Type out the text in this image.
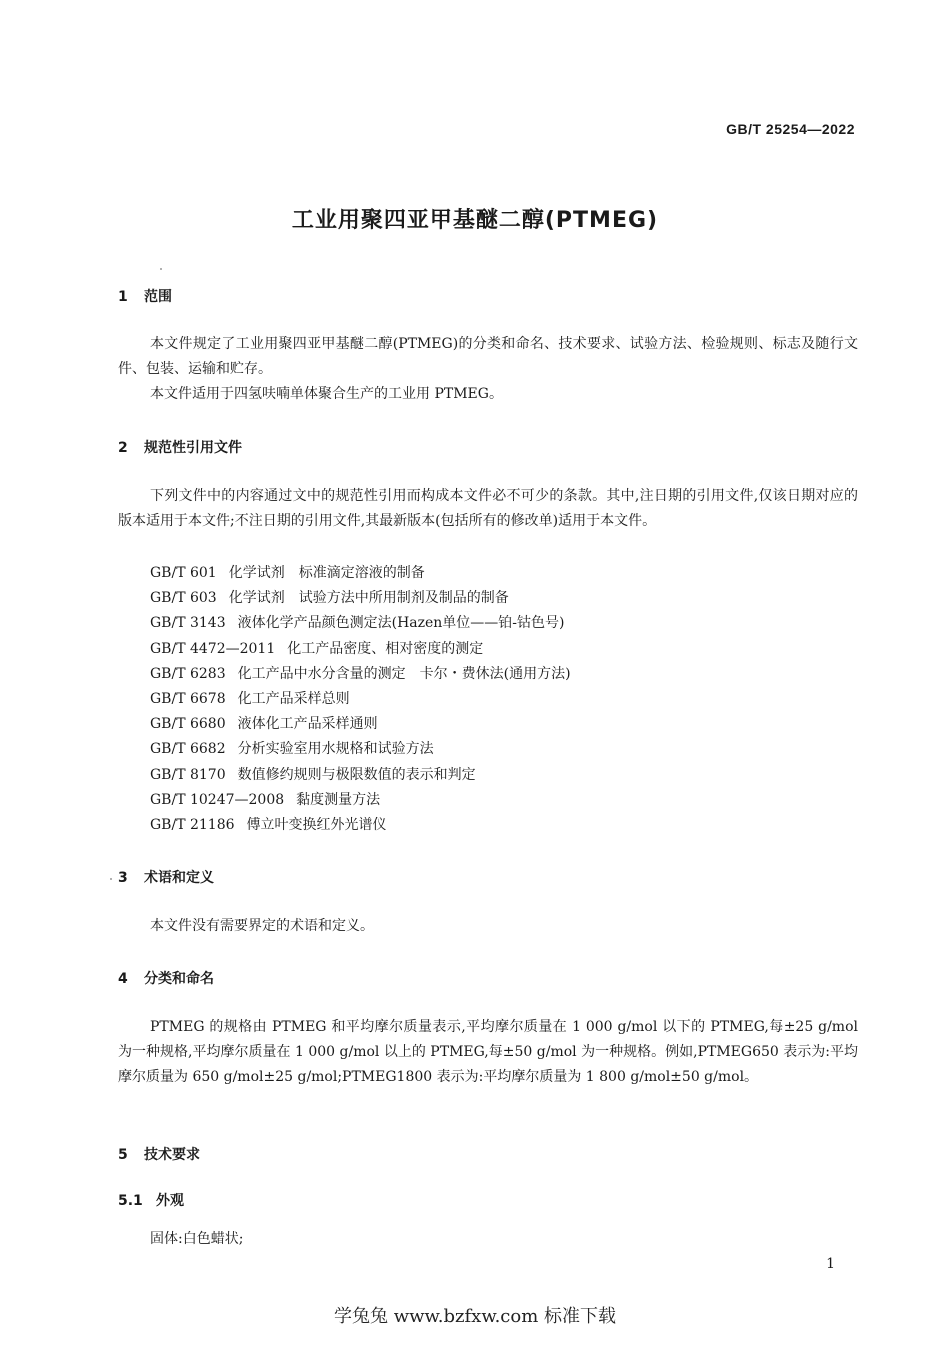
GB/T 25254—2022
工业用聚四亚甲基醚二醇(PTMEG)
1 范围

本文件规定了工业用聚四亚甲基醚二醇(PTMEG)的分类和命名、技术要求、试验方法、检验规则、标志及随行文件、包装、运输和贮存。

本文件适用于四氢呋喃单体聚合生产的工业用 PTMEG。

2 规范性引用文件

下列文件中的内容通过文中的规范性引用而构成本文件必不可少的条款。其中,注日期的引用文件,仅该日期对应的版本适用于本文件;不注日期的引用文件,其最新版本(包括所有的修改单)适用于本文件。

GB/T 601 化学试剂　标准滴定溶液的制备
GB/T 603 化学试剂　试验方法中所用制剂及制品的制备
GB/T 3143 液体化学产品颜色测定法(Hazen单位——铂-钴色号)
GB/T 4472—2011 化工产品密度、相对密度的测定
GB/T 6283 化工产品中水分含量的测定　卡尔・费休法(通用方法)
GB/T 6678 化工产品采样总则
GB/T 6680 液体化工产品采样通则
GB/T 6682 分析实验室用水规格和试验方法
GB/T 8170 数值修约规则与极限数值的表示和判定
GB/T 10247—2008 黏度测量方法
GB/T 21186 傅立叶变换红外光谱仪
3 术语和定义

本文件没有需要界定的术语和定义。

4 分类和命名

PTMEG 的规格由 PTMEG 和平均摩尔质量表示,平均摩尔质量在 1 000 g/mol 以下的 PTMEG,每±25 g/mol 为一种规格,平均摩尔质量在 1 000 g/mol 以上的 PTMEG,每±50 g/mol 为一种规格。例如,PTMEG650 表示为:平均摩尔质量为 650 g/mol±25 g/mol;PTMEG1800 表示为:平均摩尔质量为 1 800 g/mol±50 g/mol。

5 技术要求
5.1 外观
固体:白色蜡状;
1
学兔兔 www.bzfxw.com 标准下载
